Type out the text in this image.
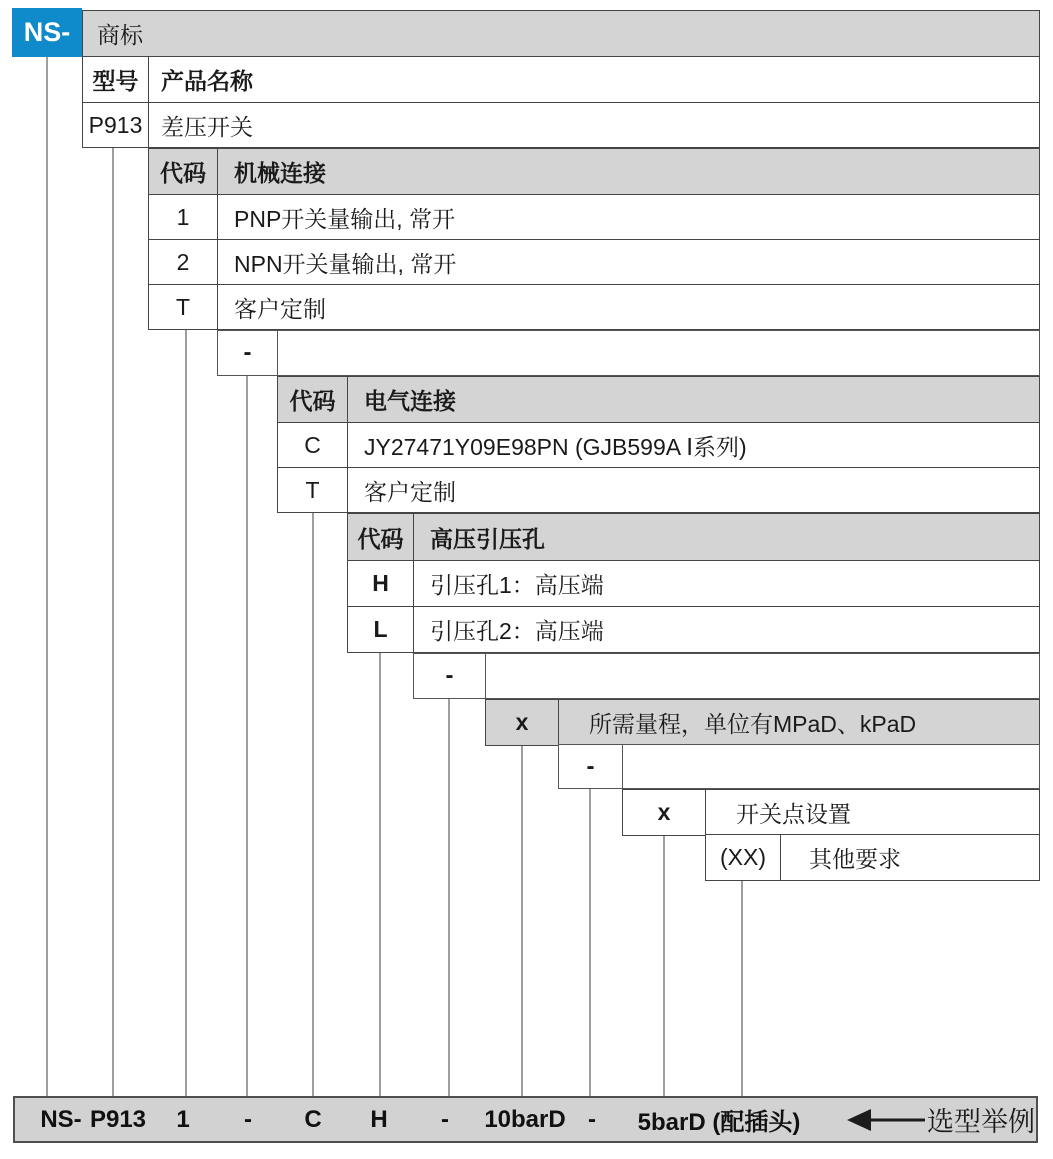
NS- 商标
型号 产品名称
P913 差压开关
代码	机械连接
1	PNP开关量输出, 常开
2	NPN开关量输出, 常开
T	客户定制
-
代码	电气连接
C	JY27471Y09E98PN (GJB599A Ⅰ系列)
T	客户定制
代码	高压引压孔
H	引压孔1：高压端
L	引压孔2：高压端
-
x	所需量程，单位有MPaD、kPaD
-
x	开关点设置
(XX)	其他要求
NS- P913 1 - C H - 10barD - 5barD (配插头)	选型举例
